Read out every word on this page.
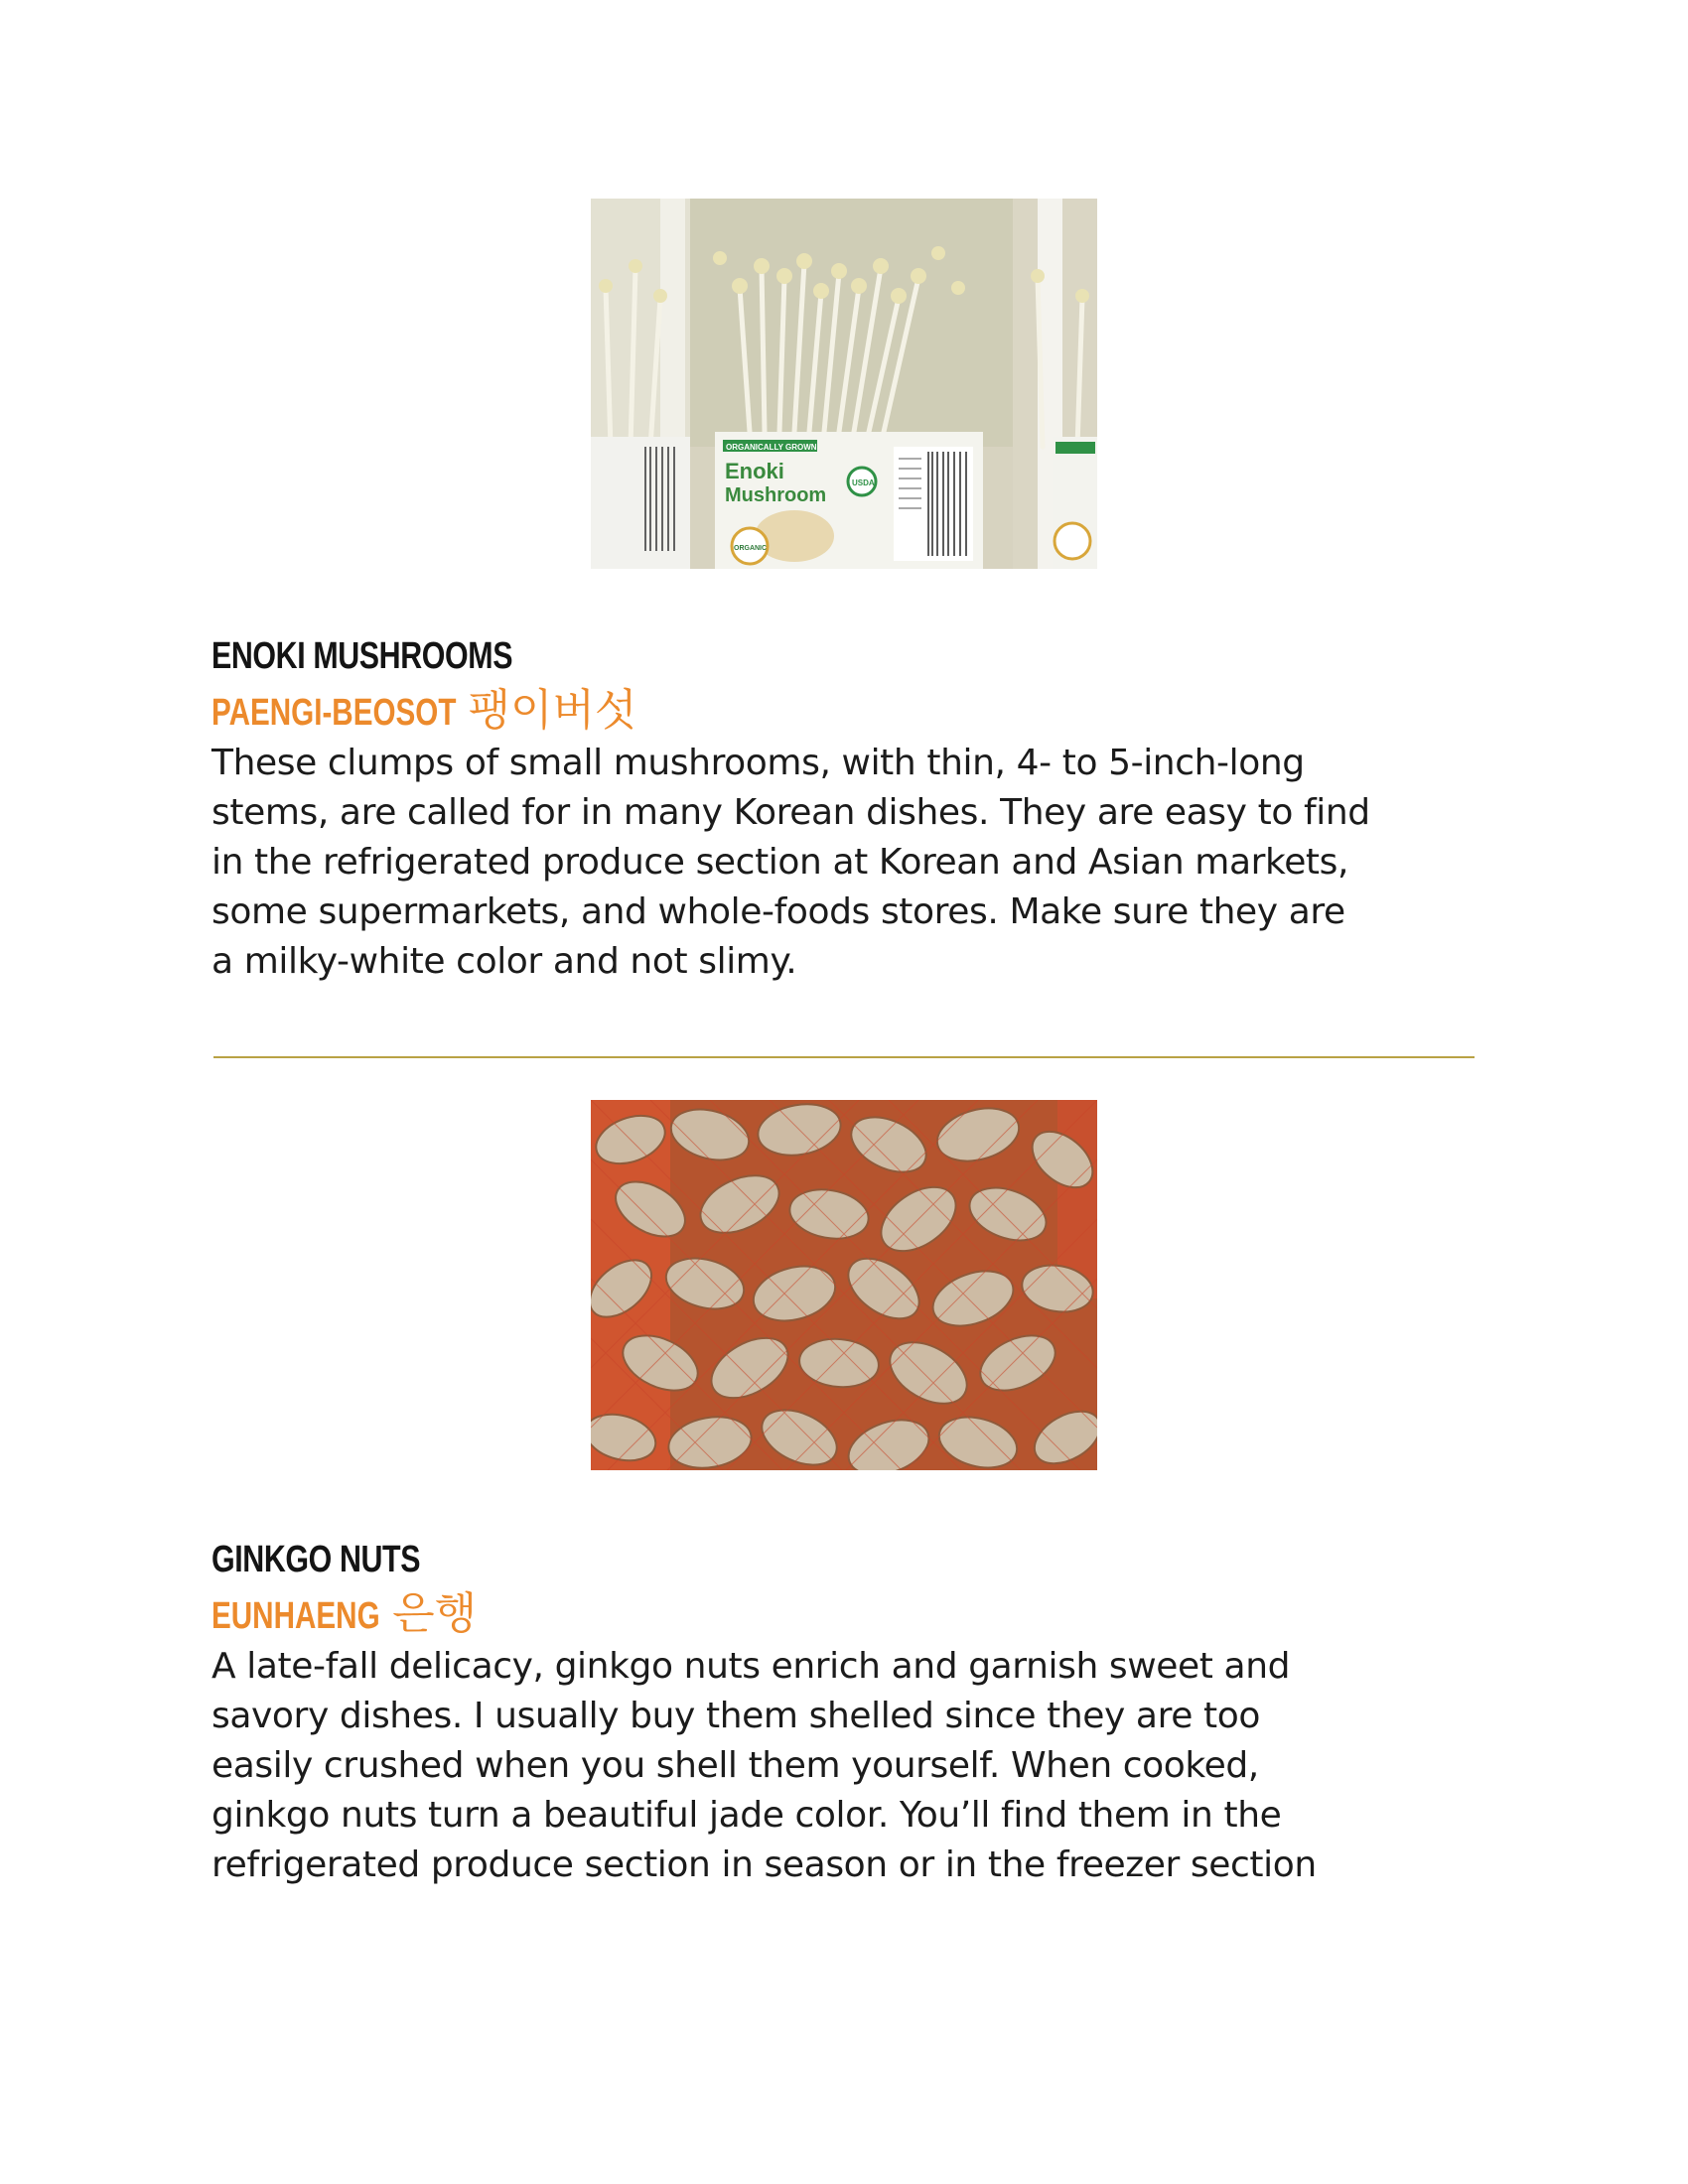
ORGANICALLY GROWN
Enoki
Mushroom
USDA
ORGANIC

ENOKI MUSHROOMS

PAENGI-BEOSOT 팽이버섯

These clumps of small mushrooms, with thin, 4- to 5-inch-long
stems, are called for in many Korean dishes. They are easy to find
in the refrigerated produce section at Korean and Asian markets,
some supermarkets, and whole-foods stores. Make sure they are
a milky-white color and not slimy.

GINKGO NUTS

EUNHAENG 은행

A late-fall delicacy, ginkgo nuts enrich and garnish sweet and
savory dishes. I usually buy them shelled since they are too
easily crushed when you shell them yourself. When cooked,
ginkgo nuts turn a beautiful jade color. You’ll find them in the
refrigerated produce section in season or in the freezer section
